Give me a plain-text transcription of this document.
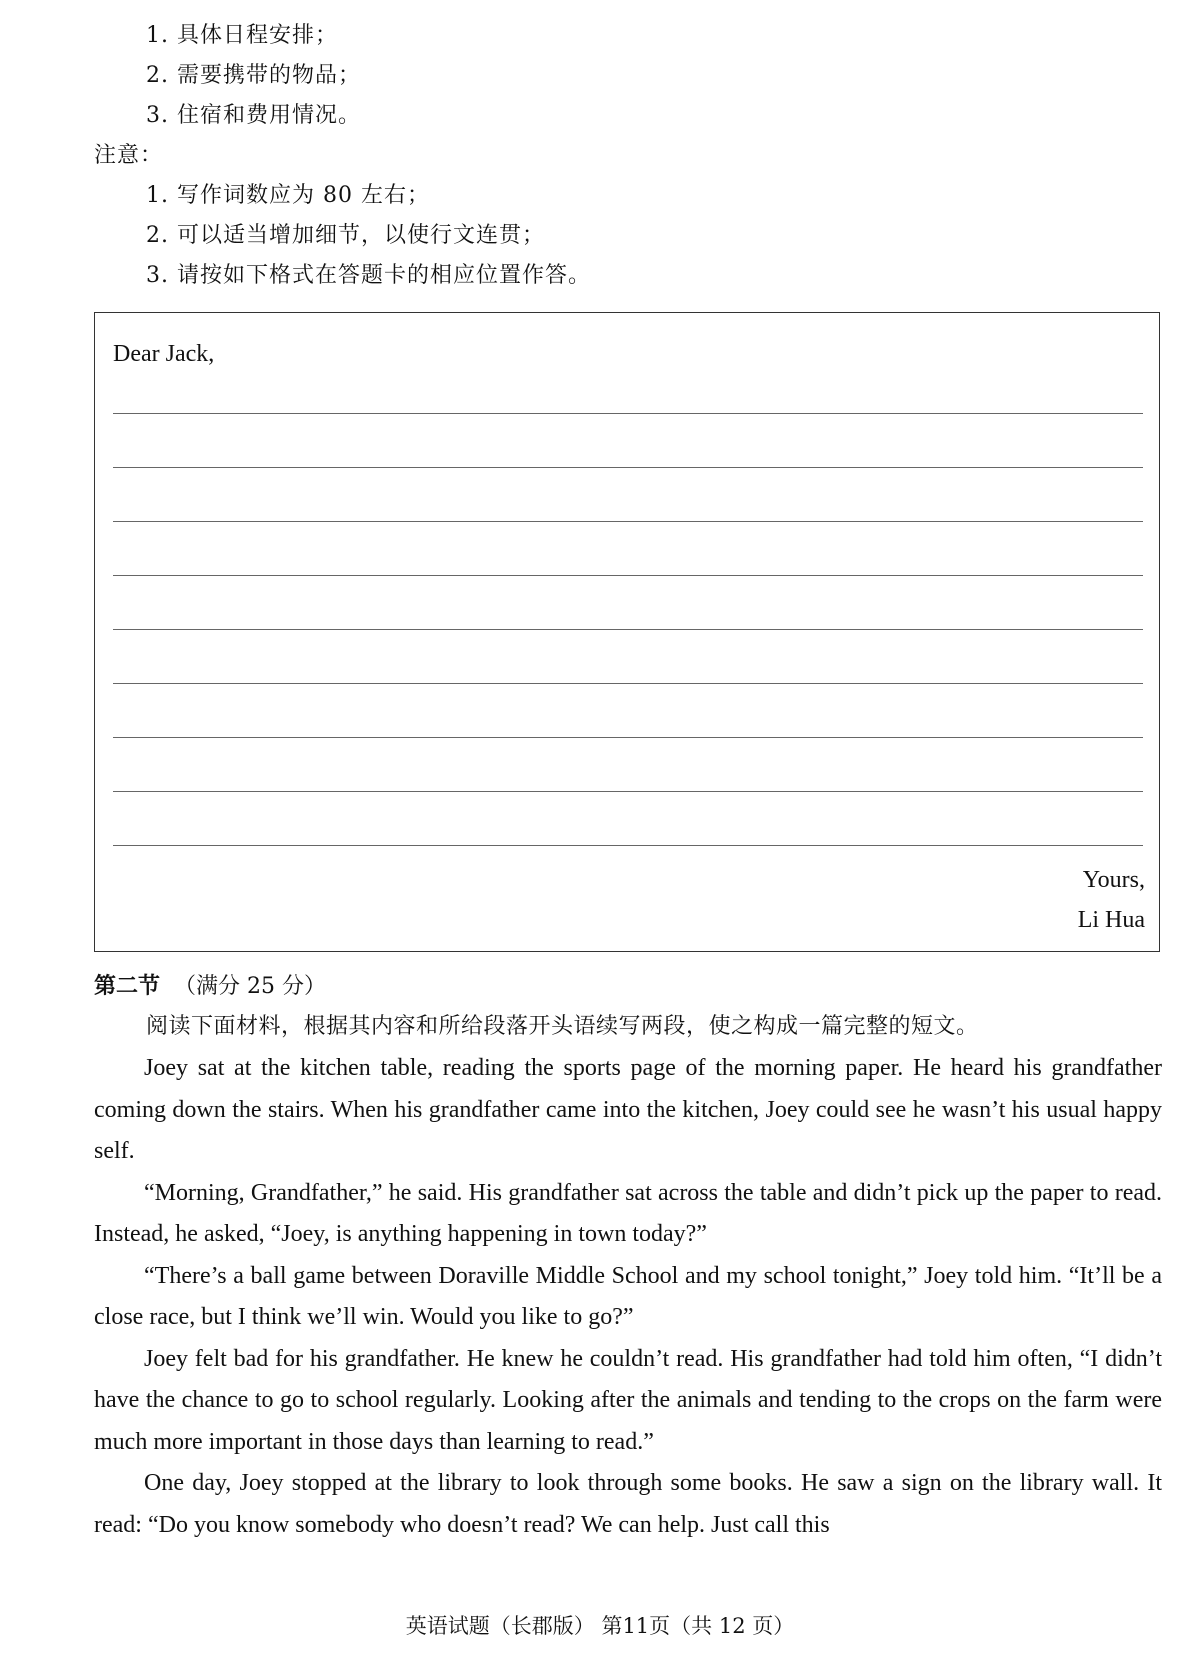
1. 具体日程安排；
2. 需要携带的物品；
3. 住宿和费用情况。
注意：
1. 写作词数应为 80 左右；
2. 可以适当增加细节，以使行文连贯；
3. 请按如下格式在答题卡的相应位置作答。
Dear Jack,
Yours,
Li Hua
第二节 （满分 25 分）
阅读下面材料，根据其内容和所给段落开头语续写两段，使之构成一篇完整的短文。

Joey sat at the kitchen table, reading the sports page of the morning paper. He heard his grandfather coming down the stairs. When his grandfather came into the kitchen, Joey could see he wasn’t his usual happy self.

“Morning, Grandfather,” he said. His grandfather sat across the table and didn’t pick up the paper to read. Instead, he asked, “Joey, is anything happening in town today?”

“There’s a ball game between Doraville Middle School and my school tonight,” Joey told him. “It’ll be a close race, but I think we’ll win. Would you like to go?”

Joey felt bad for his grandfather. He knew he couldn’t read. His grandfather had told him often, “I didn’t have the chance to go to school regularly. Looking after the animals and tending to the crops on the farm were much more important in those days than learning to read.”

One day, Joey stopped at the library to look through some books. He saw a sign on the library wall. It read: “Do you know somebody who doesn’t read? We can help. Just call this

英语试题（长郡版） 第11页（共 12 页）
